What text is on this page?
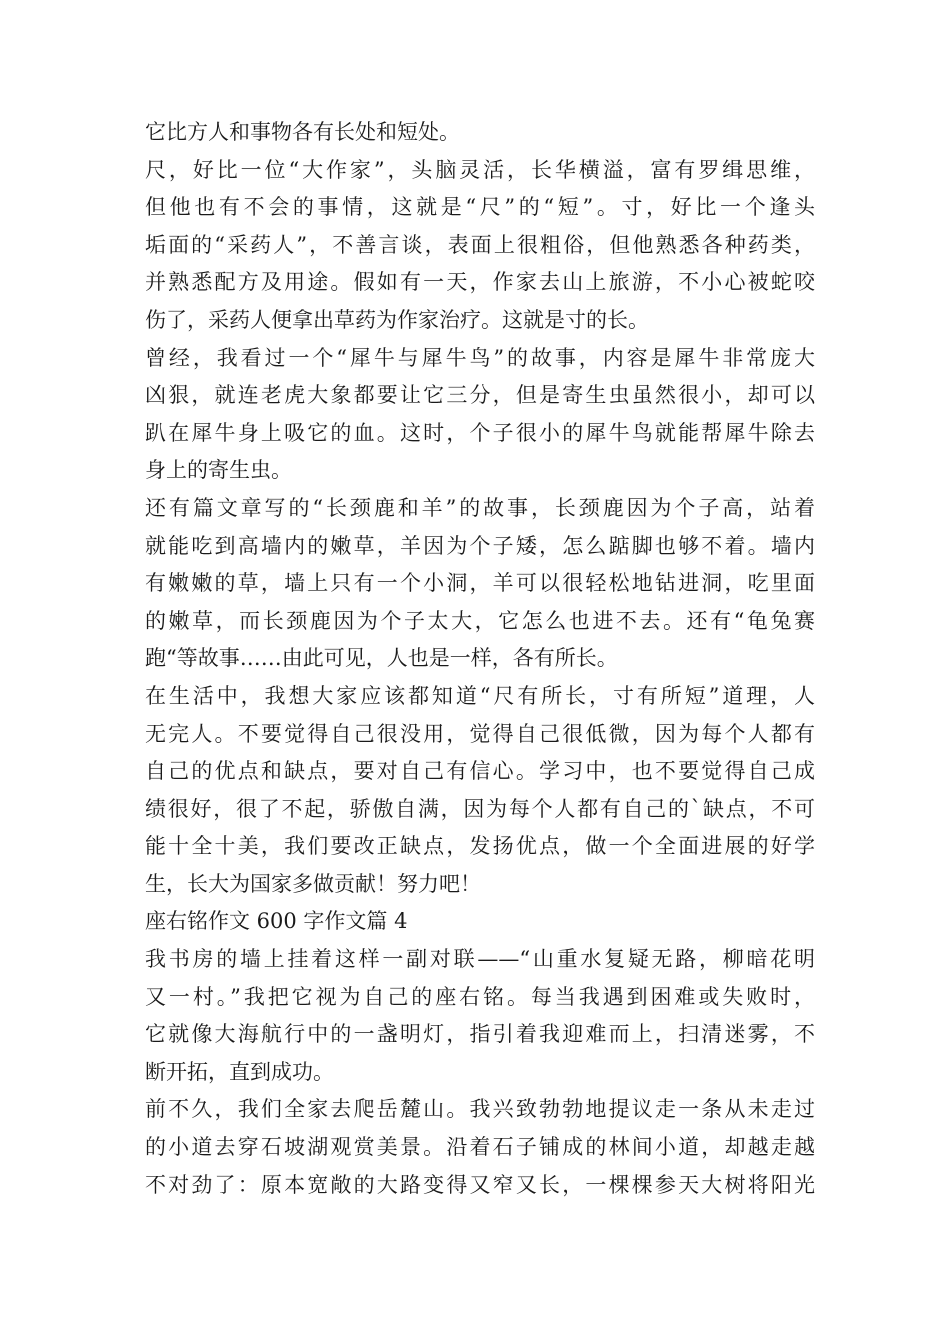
它比方人和事物各有长处和短处。
尺，好比一位“大作家”，头脑灵活，长华横溢，富有罗缉思维，
但他也有不会的事情，这就是“尺”的“短”。寸，好比一个逢头
垢面的“采药人”，不善言谈，表面上很粗俗，但他熟悉各种药类，
并熟悉配方及用途。假如有一天，作家去山上旅游，不小心被蛇咬
伤了，采药人便拿出草药为作家治疗。这就是寸的长。
曾经，我看过一个“犀牛与犀牛鸟”的故事，内容是犀牛非常庞大
凶狠，就连老虎大象都要让它三分，但是寄生虫虽然很小，却可以
趴在犀牛身上吸它的血。这时，个子很小的犀牛鸟就能帮犀牛除去
身上的寄生虫。
还有篇文章写的“长颈鹿和羊”的故事，长颈鹿因为个子高，站着
就能吃到高墙内的嫩草，羊因为个子矮，怎么踮脚也够不着。墙内
有嫩嫩的草，墙上只有一个小洞，羊可以很轻松地钻进洞，吃里面
的嫩草，而长颈鹿因为个子太大，它怎么也进不去。还有“龟兔赛
跑“等故事……由此可见，人也是一样，各有所长。
在生活中，我想大家应该都知道“尺有所长，寸有所短”道理，人
无完人。不要觉得自己很没用，觉得自己很低微，因为每个人都有
自己的优点和缺点，要对自己有信心。学习中，也不要觉得自己成
绩很好，很了不起，骄傲自满，因为每个人都有自己的`缺点，不可
能十全十美，我们要改正缺点，发扬优点，做一个全面进展的好学
生，长大为国家多做贡献！努力吧！
座右铭作文 600 字作文篇 4
我书房的墙上挂着这样一副对联——“山重水复疑无路，柳暗花明
又一村。”我把它视为自己的座右铭。每当我遇到困难或失败时，
它就像大海航行中的一盏明灯，指引着我迎难而上，扫清迷雾，不
断开拓，直到成功。
前不久，我们全家去爬岳麓山。我兴致勃勃地提议走一条从未走过
的小道去穿石坡湖观赏美景。沿着石子铺成的林间小道，却越走越
不对劲了：原本宽敞的大路变得又窄又长，一棵棵参天大树将阳光
